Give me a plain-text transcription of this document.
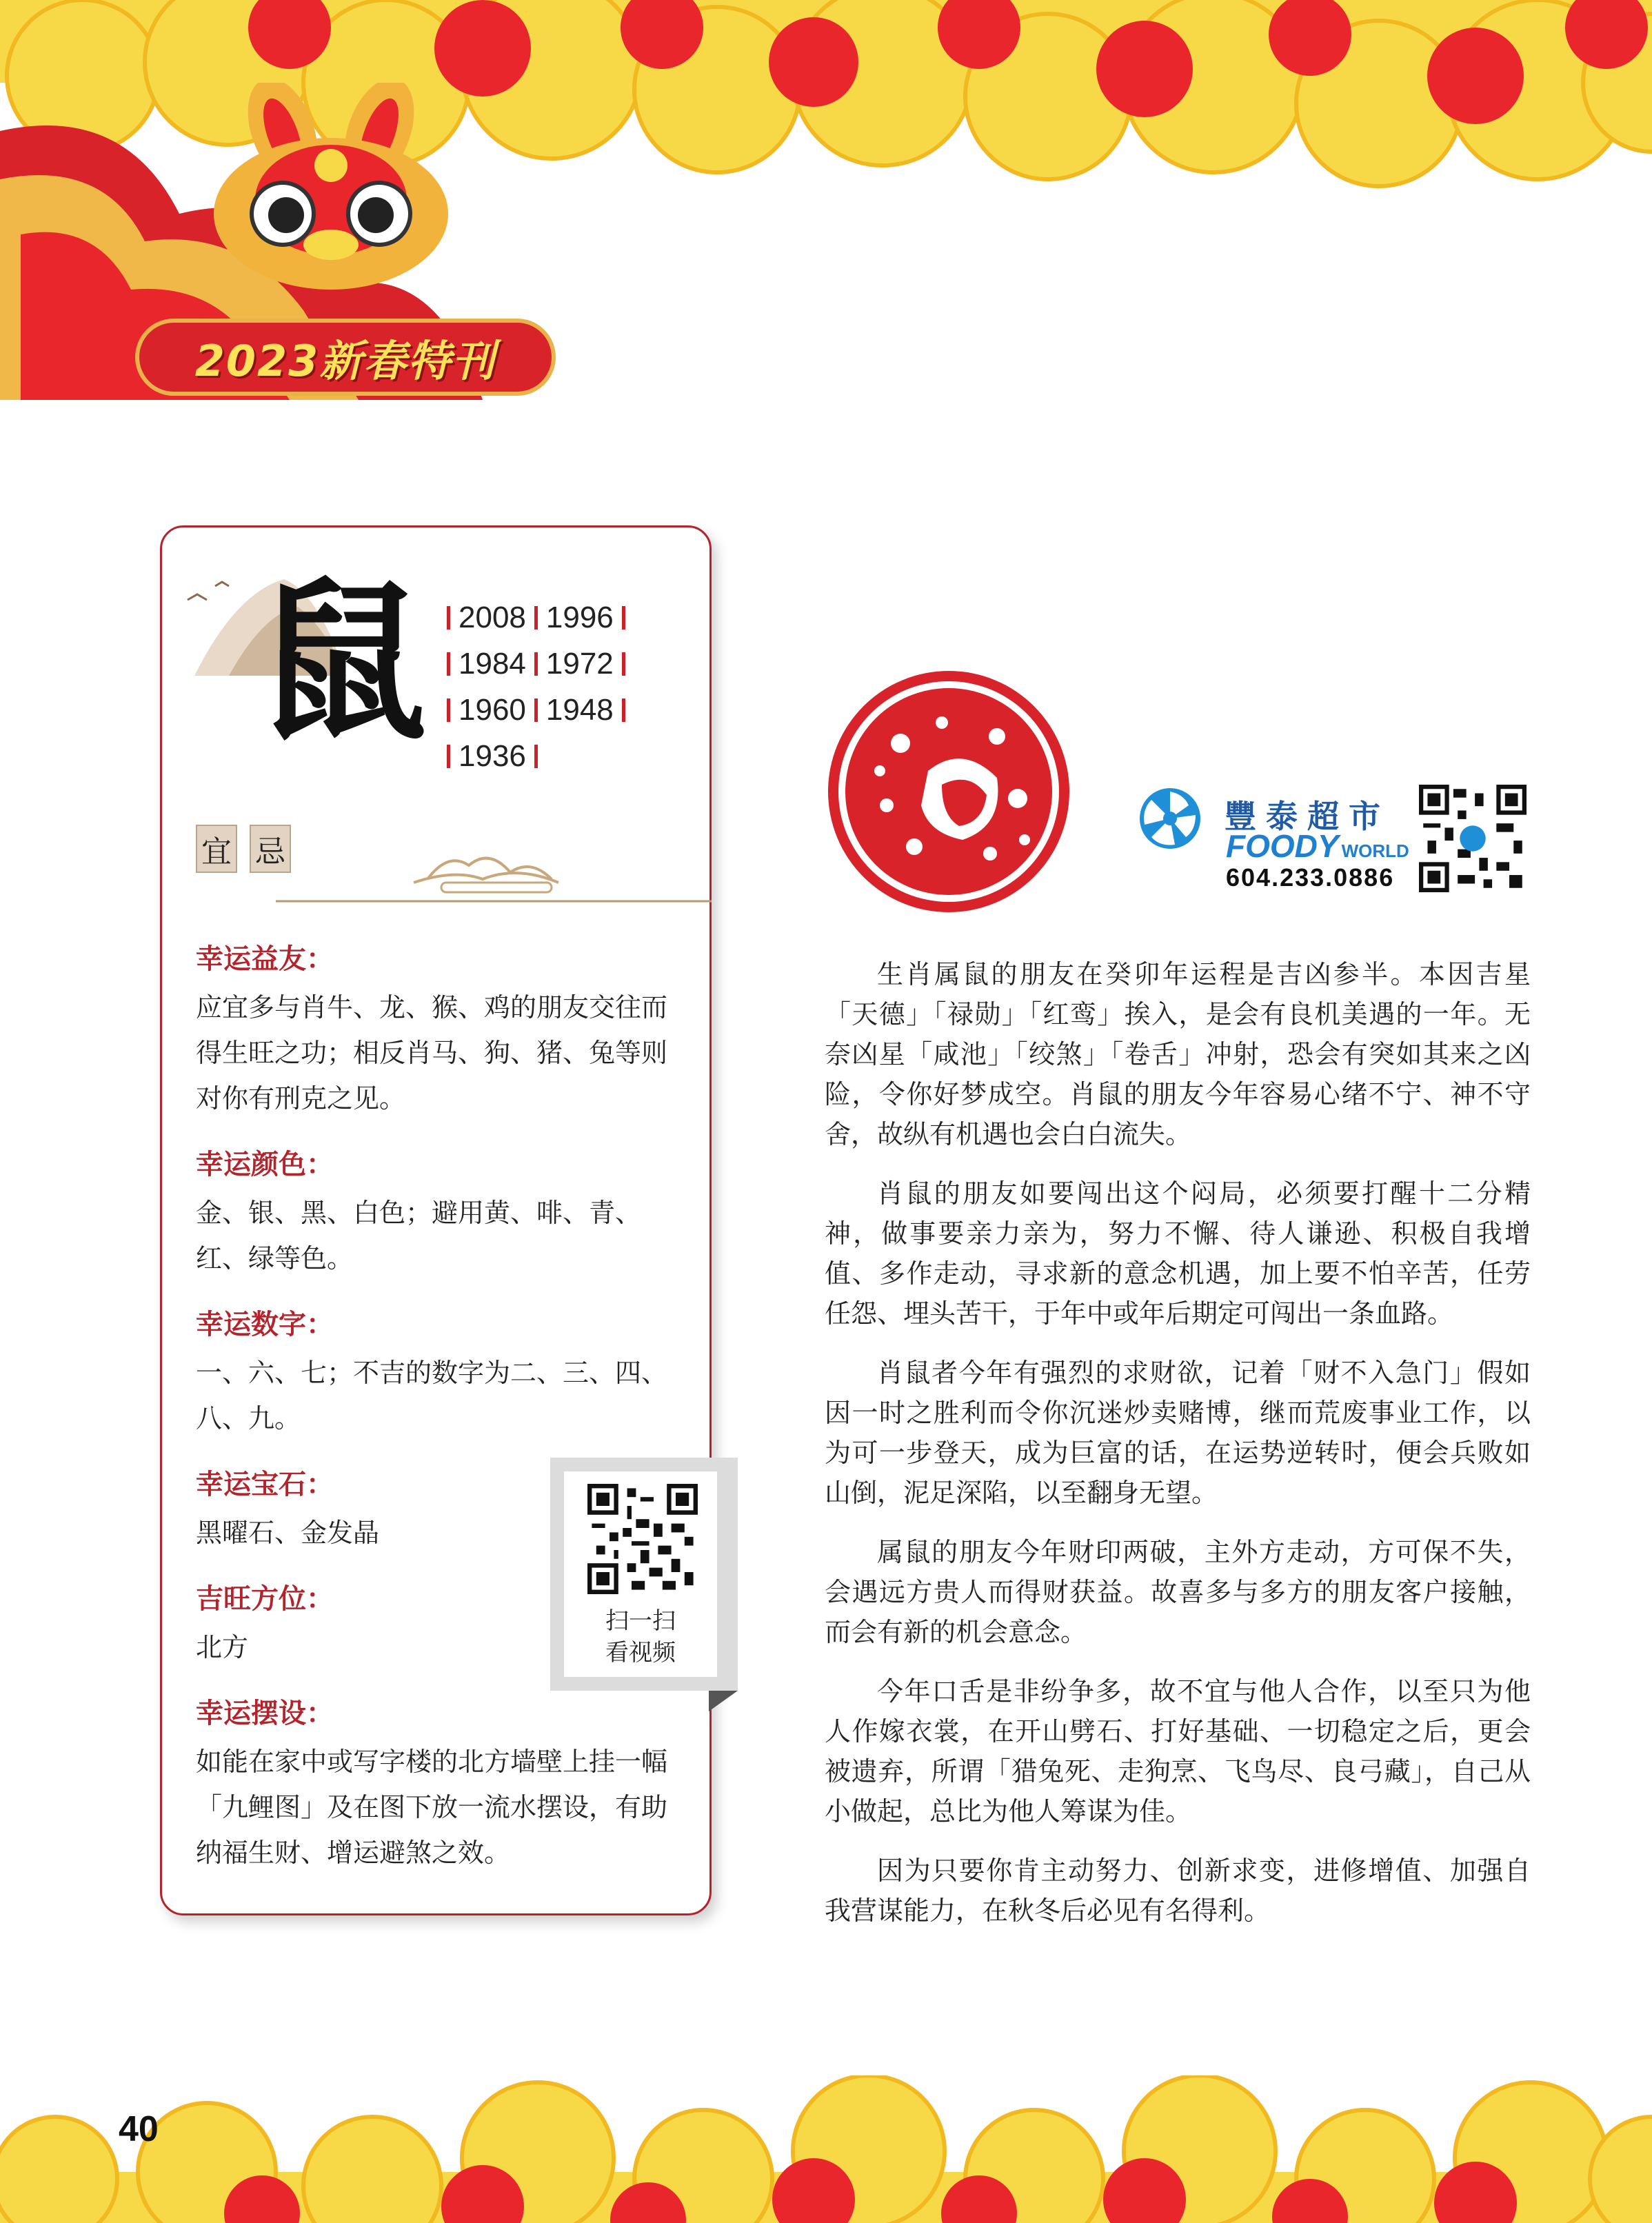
2023新春特刊
鼠 2008 1996
1984 1972
1960 1948
1936
宜 忌
幸运益友：

应宜多与肖牛、龙、猴、鸡的朋友交往而得生旺之功；相反肖马、狗、猪、兔等则对你有刑克之见。

幸运颜色：

金、银、黑、白色；避用黄、啡、青、红、绿等色。

幸运数字：

一、六、七；不吉的数字为二、三、四、八、九。

幸运宝石：

黑曜石、金发晶

吉旺方位：

北方

幸运摆设：

如能在家中或写字楼的北方墙壁上挂一幅「九鲤图」及在图下放一流水摆设，有助纳福生财、增运避煞之效。

扫一扫
看视频
豐泰超市
FOODY WORLD
604.233.0886

生肖属鼠的朋友在癸卯年运程是吉凶参半。本因吉星「天德」「禄勋」「红鸾」挨入，是会有良机美遇的一年。无奈凶星「咸池」「绞煞」「卷舌」冲射，恐会有突如其来之凶险，令你好梦成空。肖鼠的朋友今年容易心绪不宁、神不守舍，故纵有机遇也会白白流失。

肖鼠的朋友如要闯出这个闷局，必须要打醒十二分精神，做事要亲力亲为，努力不懈、待人谦逊、积极自我增值、多作走动，寻求新的意念机遇，加上要不怕辛苦，任劳任怨、埋头苦干，于年中或年后期定可闯出一条血路。

肖鼠者今年有强烈的求财欲，记着「财不入急门」假如因一时之胜利而令你沉迷炒卖赌博，继而荒废事业工作，以为可一步登天，成为巨富的话，在运势逆转时，便会兵败如山倒，泥足深陷，以至翻身无望。

属鼠的朋友今年财印两破，主外方走动，方可保不失，会遇远方贵人而得财获益。故喜多与多方的朋友客户接触，而会有新的机会意念。

今年口舌是非纷争多，故不宜与他人合作，以至只为他人作嫁衣裳，在开山劈石、打好基础、一切稳定之后，更会被遗弃，所谓「猎兔死、走狗烹、飞鸟尽、良弓藏」，自己从小做起，总比为他人筹谋为佳。

因为只要你肯主动努力、创新求变，进修增值、加强自我营谋能力，在秋冬后必见有名得利。

40
